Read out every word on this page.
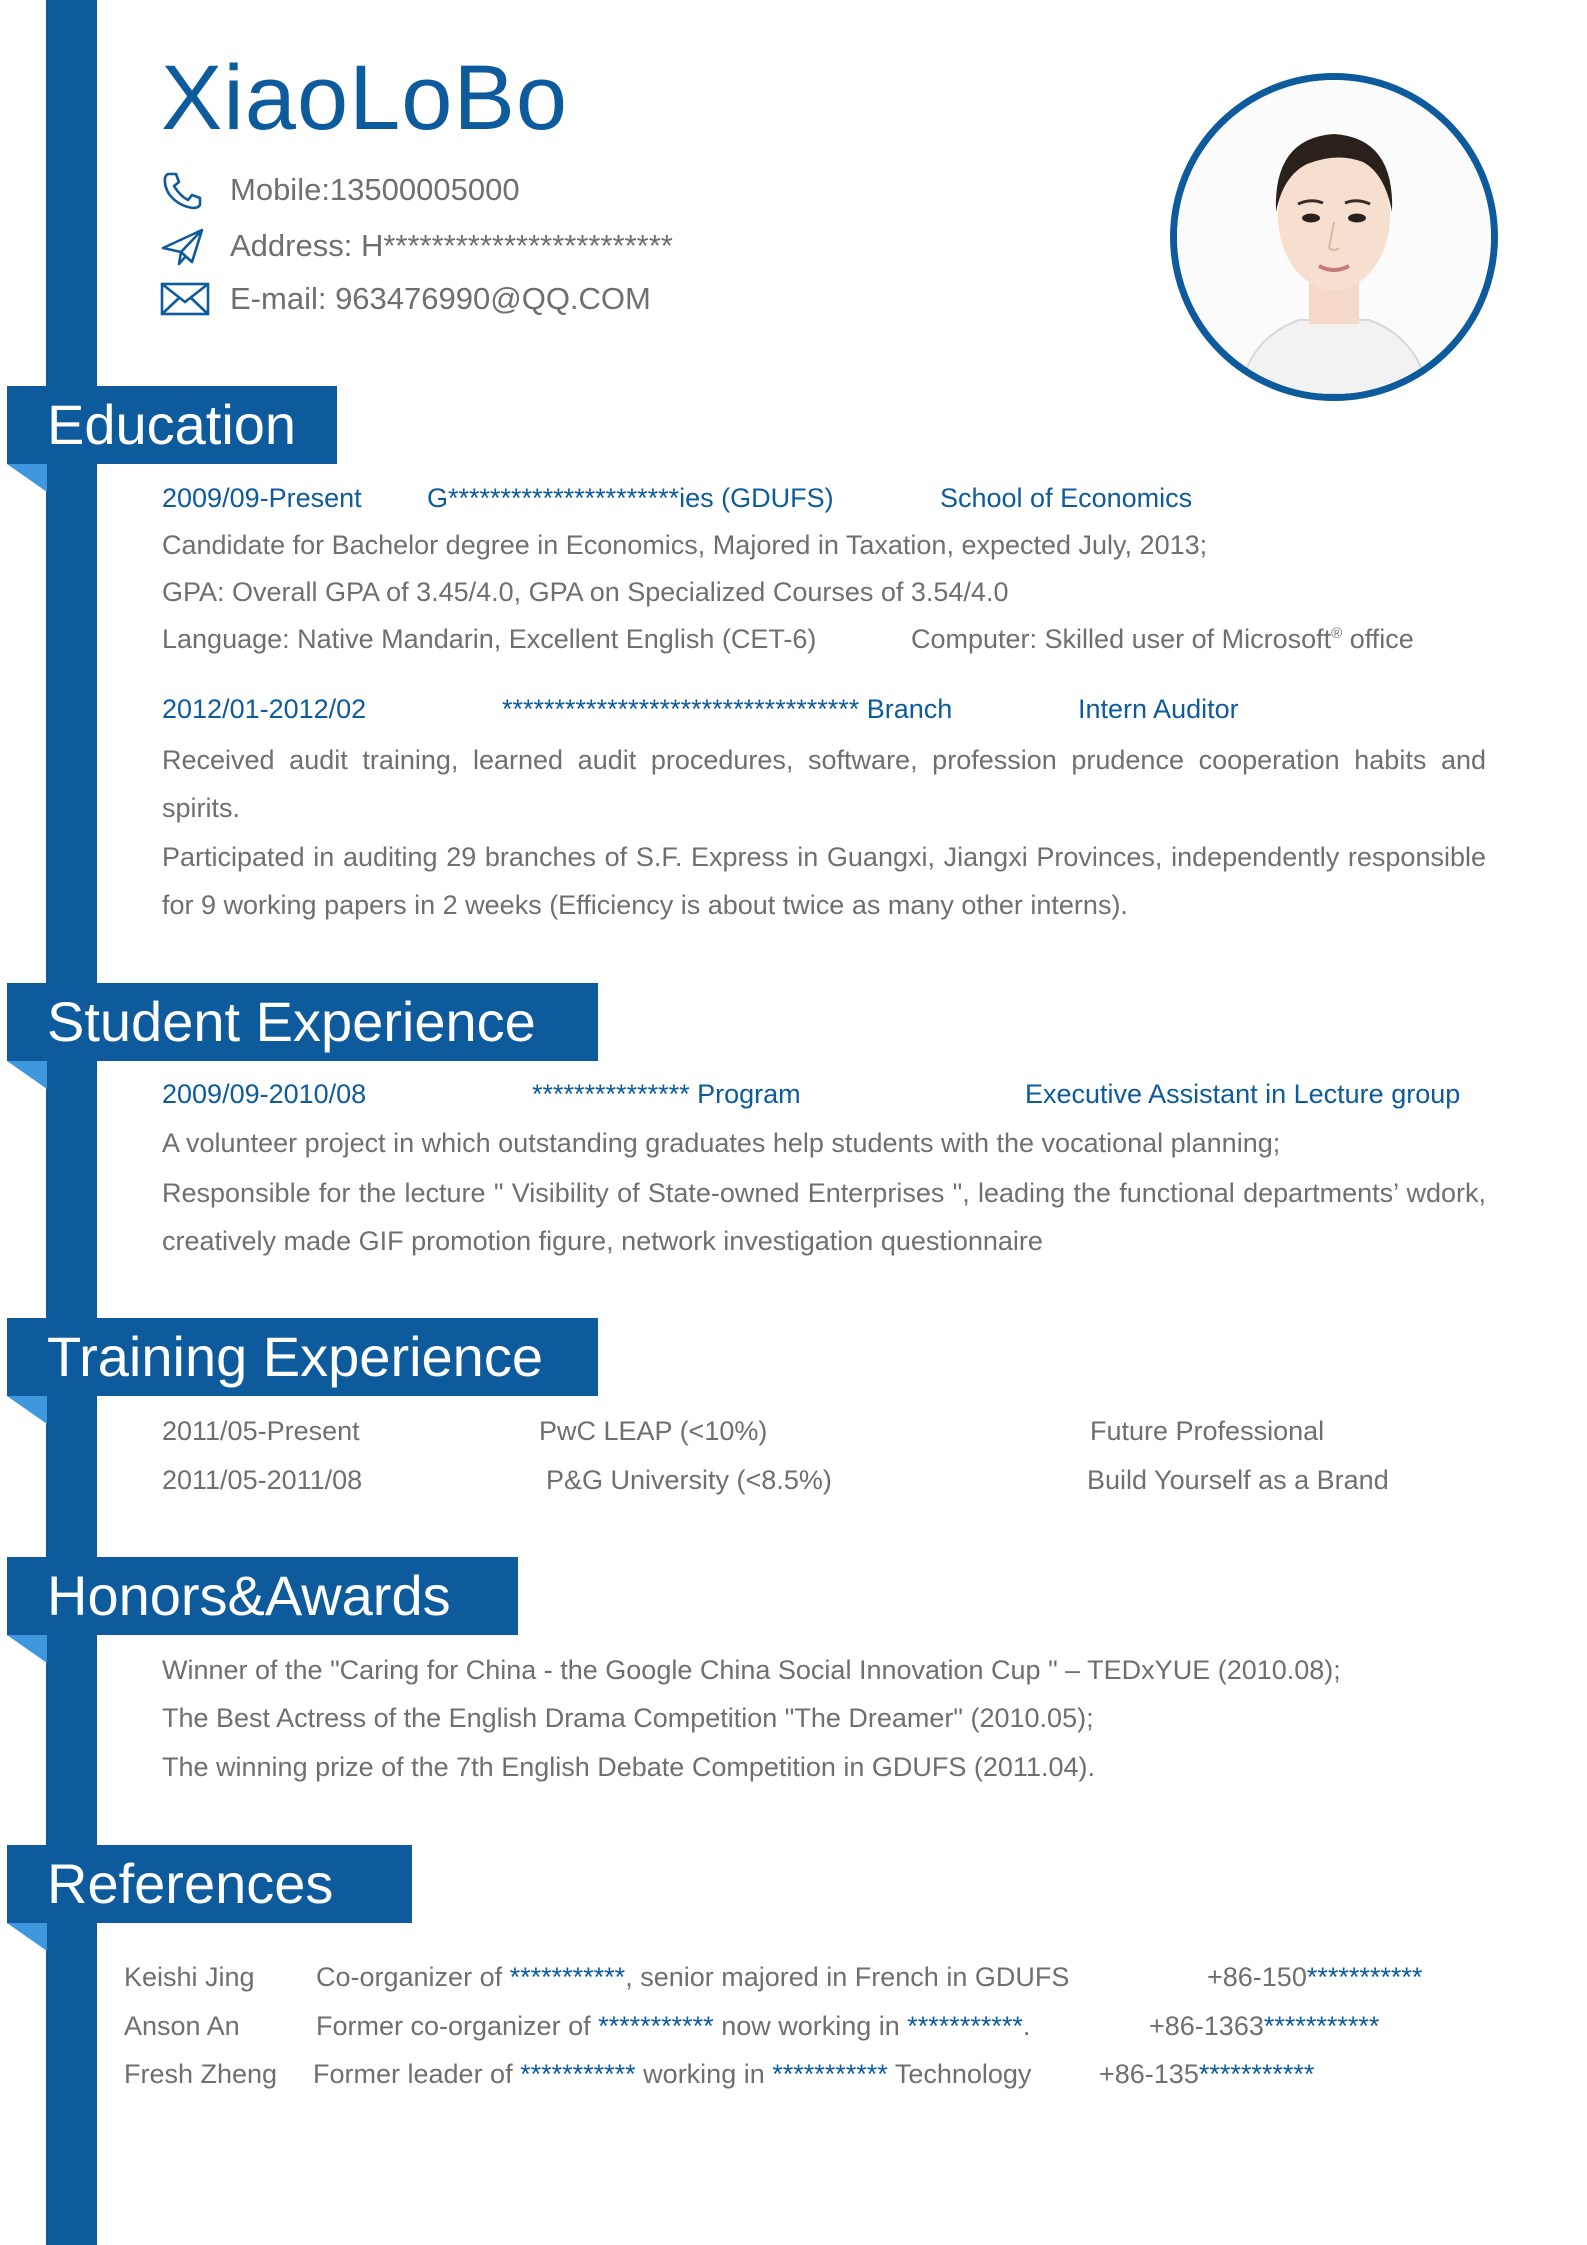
XiaoLoBo
Mobile:13500005000
Address: H************************
E-mail: 963476990@QQ.COM
Education
2009/09-Present G**********************ies (GDUFS)	School of Economics
Candidate for Bachelor degree in Economics, Majored in Taxation, expected July, 2013;
GPA: Overall GPA of 3.45/4.0, GPA on Specialized Courses of 3.54/4.0
Language: Native Mandarin, Excellent English (CET-6)	Computer: Skilled user of Microsoft® office
2012/01-2012/02	********************************** Branch	Intern Auditor
Received audit training, learned audit procedures, software, profession prudence cooperation habits and spirits.
Participated in auditing 29 branches of S.F. Express in Guangxi, Jiangxi Provinces, independently responsible for 9 working papers in 2 weeks (Efficiency is about twice as many other interns).
Student Experience
2009/09-2010/08	*************** Program	Executive Assistant in Lecture group
A volunteer project in which outstanding graduates help students with the vocational planning;
Responsible for the lecture " Visibility of State-owned Enterprises ", leading the functional departments’ wdork, creatively made GIF promotion figure, network investigation questionnaire
Training Experience
2011/05-Present	PwC LEAP (<10%)	Future Professional
2011/05-2011/08	P&G University (<8.5%)	Build Yourself as a Brand
Honors&Awards
Winner of the "Caring for China - the Google China Social Innovation Cup " – TEDxYUE (2010.08);
The Best Actress of the English Drama Competition "The Dreamer" (2010.05);
The winning prize of the 7th English Debate Competition in GDUFS (2011.04).
References
Keishi Jing Co-organizer of ***********, senior majored in French in GDUFS	+86-150***********
Anson An	Former co-organizer of *********** now working in ***********.	+86-1363***********
Fresh Zheng Former leader of *********** working in *********** Technology	+86-135***********
